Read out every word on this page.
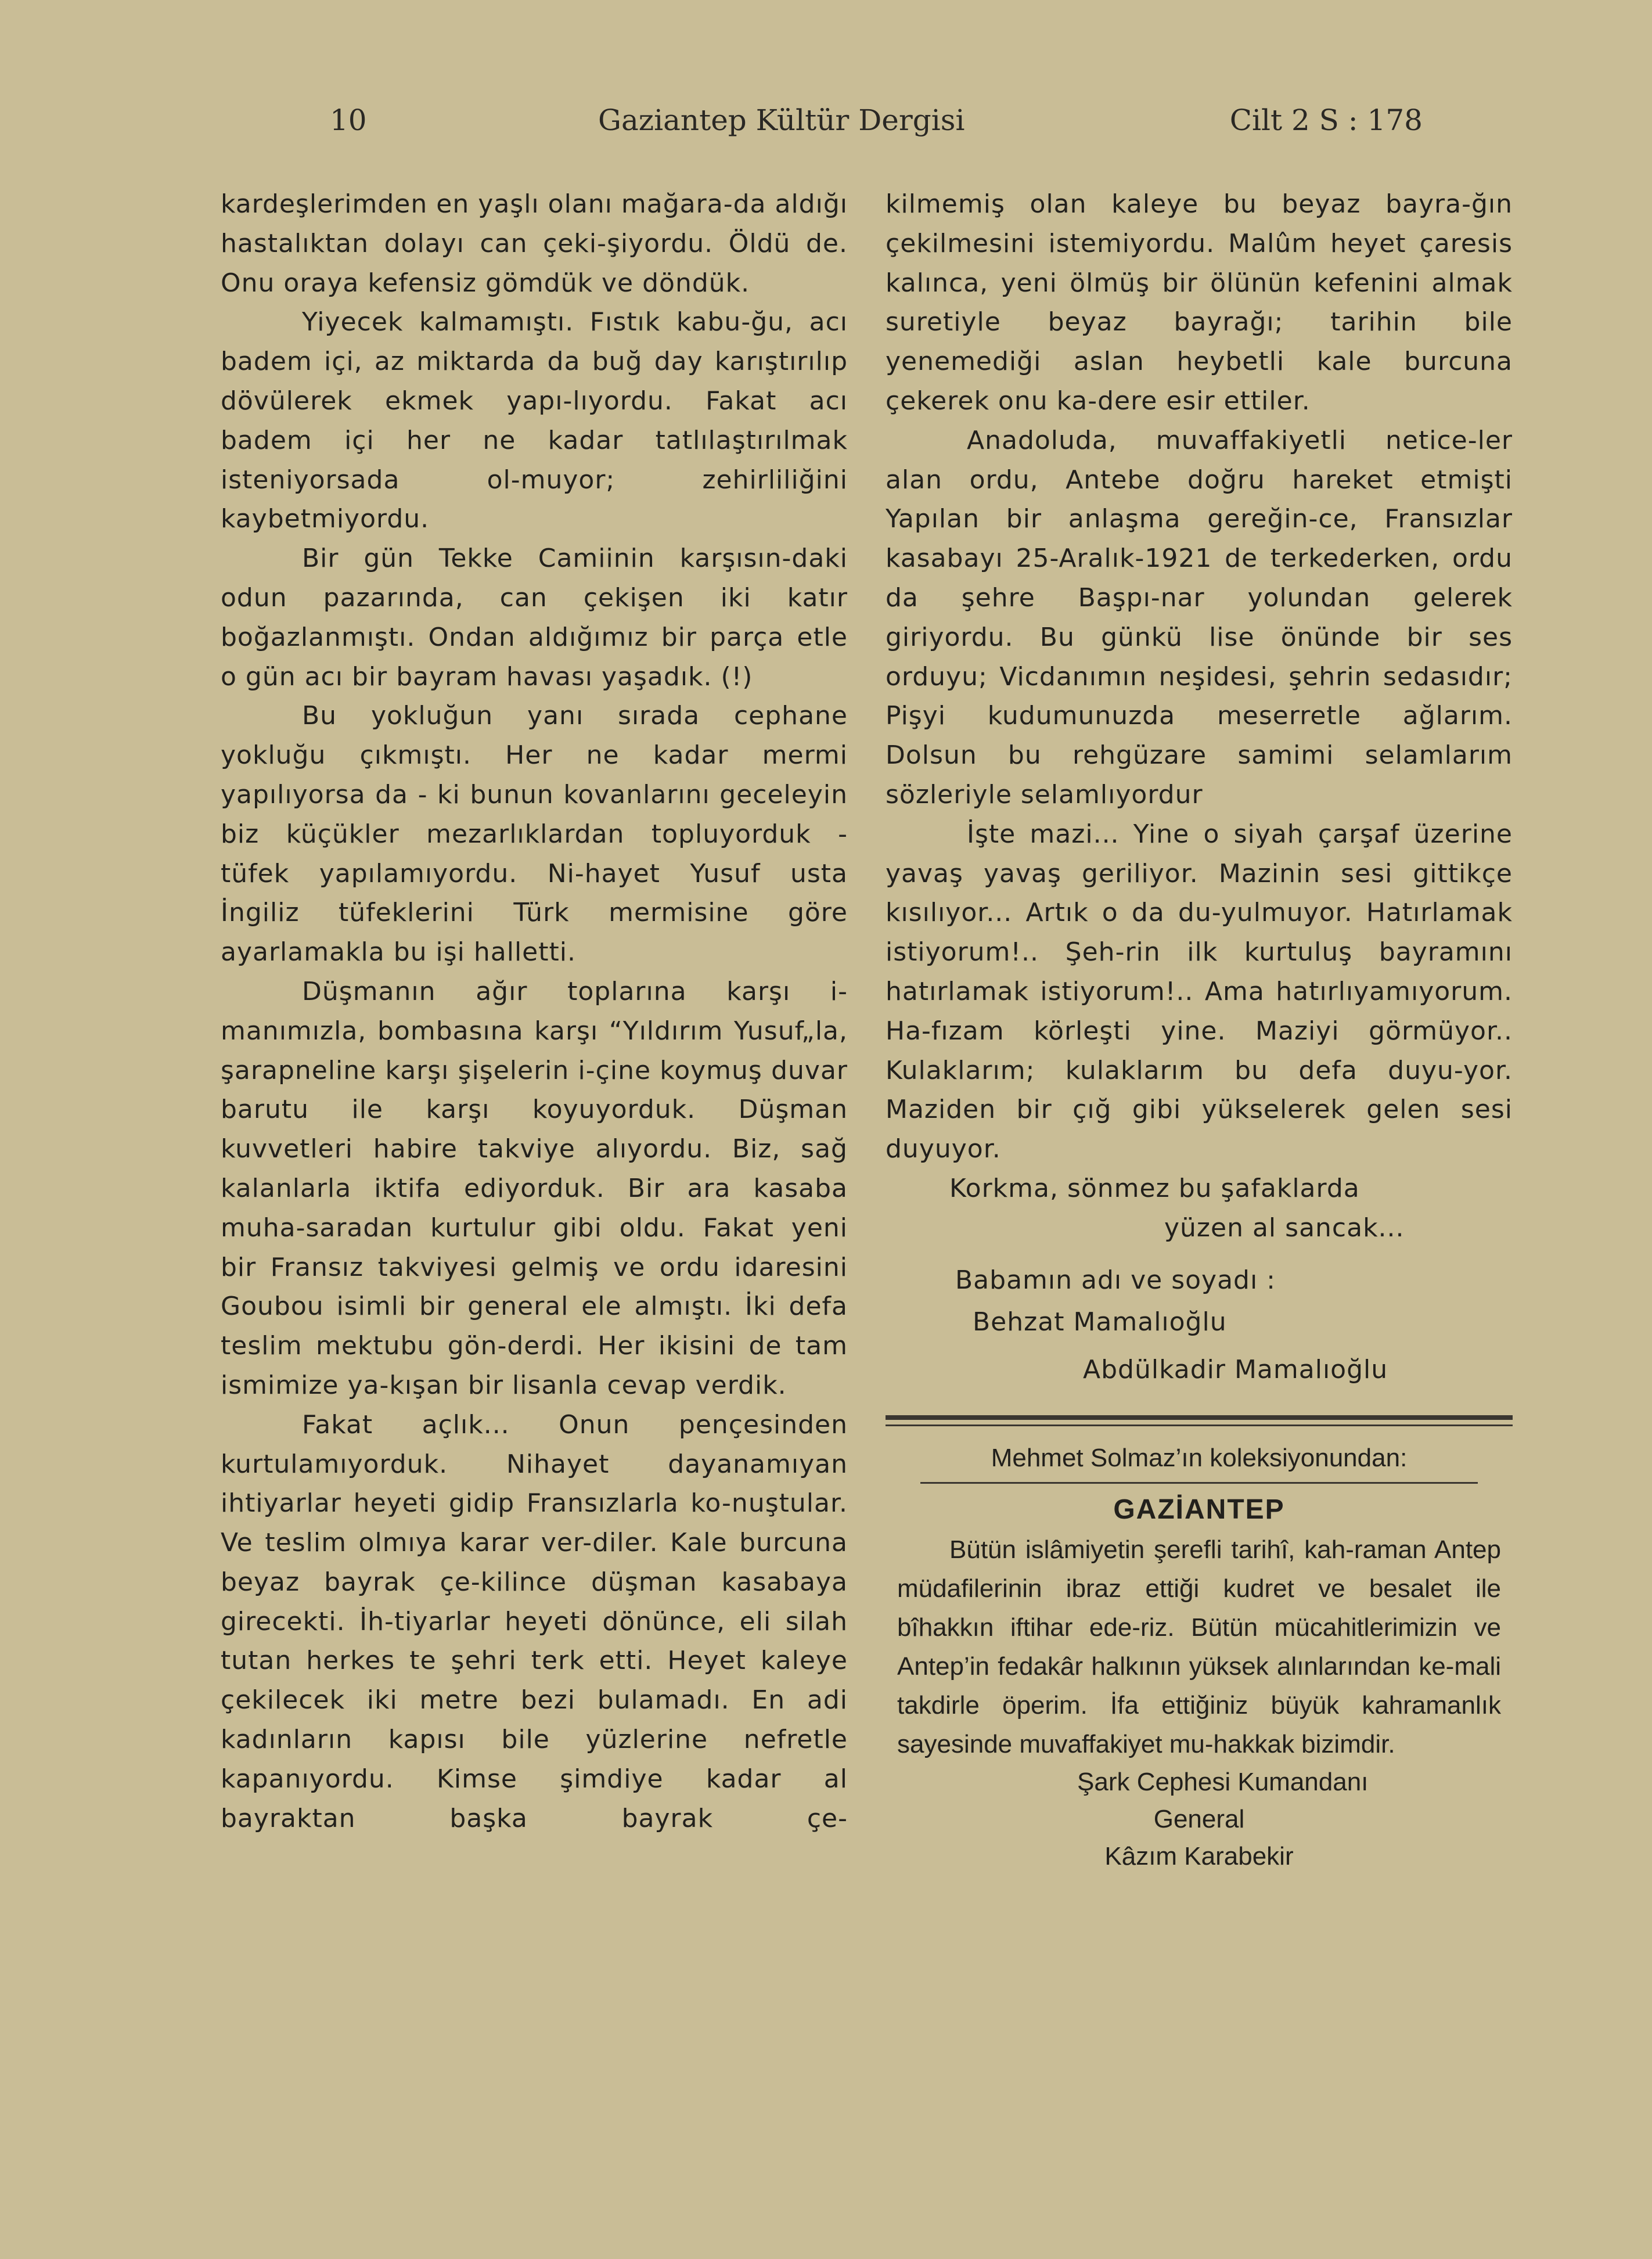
10	Gaziantep Kültür Dergisi	Cilt 2 S : 178

kardeşlerimden en yaşlı olanı mağara-da aldığı hastalıktan dolayı can çeki-şiyordu. Öldü de. Onu oraya kefensiz gömdük ve döndük.

Yiyecek kalmamıştı. Fıstık kabu-ğu, acı badem içi, az miktarda da buğ day karıştırılıp dövülerek ekmek yapı-lıyordu. Fakat acı badem içi her ne kadar tatlılaştırılmak isteniyorsada ol-muyor; zehirliliğini kaybetmiyordu.

Bir gün Tekke Camiinin karşısın-daki odun pazarında, can çekişen iki katır boğazlanmıştı. Ondan aldığımız bir parça etle o gün acı bir bayram havası yaşadık. (!)

Bu yokluğun yanı sırada cephane yokluğu çıkmıştı. Her ne kadar mermi yapılıyorsa da - ki bunun kovanlarını geceleyin biz küçükler mezarlıklardan topluyorduk - tüfek yapılamıyordu. Ni-hayet Yusuf usta İngiliz tüfeklerini Türk mermisine göre ayarlamakla bu işi halletti.

Düşmanın ağır toplarına karşı i-manımızla, bombasına karşı “Yıldırım Yusuf„la, şarapneline karşı şişelerin i-çine koymuş duvar barutu ile karşı koyuyorduk. Düşman kuvvetleri habire takviye alıyordu. Biz, sağ kalanlarla iktifa ediyorduk. Bir ara kasaba muha-saradan kurtulur gibi oldu. Fakat yeni bir Fransız takviyesi gelmiş ve ordu idaresini Goubou isimli bir general ele almıştı. İki defa teslim mektubu gön-derdi. Her ikisini de tam ismimize ya-kışan bir lisanla cevap verdik.

Fakat açlık... Onun pençesinden kurtulamıyorduk. Nihayet dayanamıyan ihtiyarlar heyeti gidip Fransızlarla ko-nuştular. Ve teslim olmıya karar ver-diler. Kale burcuna beyaz bayrak çe-kilince düşman kasabaya girecekti. İh-tiyarlar heyeti dönünce, eli silah tutan herkes te şehri terk etti. Heyet kaleye çekilecek iki metre bezi bulamadı. En adi kadınların kapısı bile yüzlerine nefretle kapanıyordu. Kimse şimdiye kadar al bayraktan başka bayrak çe-

kilmemiş olan kaleye bu beyaz bayra-ğın çekilmesini istemiyordu. Malûm heyet çaresis kalınca, yeni ölmüş bir ölünün kefenini almak suretiyle beyaz bayrağı; tarihin bile yenemediği aslan heybetli kale burcuna çekerek onu ka-dere esir ettiler.

Anadoluda, muvaffakiyetli netice-ler alan ordu, Antebe doğru hareket etmişti Yapılan bir anlaşma gereğin-ce, Fransızlar kasabayı 25-Aralık-1921 de terkederken, ordu da şehre Başpı-nar yolundan gelerek giriyordu. Bu günkü lise önünde bir ses orduyu; Vicdanımın neşidesi, şehrin sedasıdır; Pişyi kudumunuzda meserretle ağlarım. Dolsun bu rehgüzare samimi selamlarım sözleriyle selamlıyordur

İşte mazi... Yine o siyah çarşaf üzerine yavaş yavaş geriliyor. Mazinin sesi gittikçe kısılıyor... Artık o da du-yulmuyor. Hatırlamak istiyorum!.. Şeh-rin ilk kurtuluş bayramını hatırlamak istiyorum!.. Ama hatırlıyamıyorum. Ha-fızam körleşti yine. Maziyi görmüyor.. Kulaklarım; kulaklarım bu defa duyu-yor. Maziden bir çığ gibi yükselerek gelen sesi duyuyor.

Korkma, sönmez bu şafaklarda

yüzen al sancak...

Babamın adı ve soyadı :
Behzat Mamalıoğlu
Abdülkadir Mamalıoğlu
Mehmet Solmaz’ın koleksiyonundan:
GAZİANTEP

Bütün islâmiyetin şerefli tarihî, kah-raman Antep müdafilerinin ibraz ettiği kudret ve besalet ile bîhakkın iftihar ede-riz. Bütün mücahitlerimizin ve Antep’in fedakâr halkının yüksek alınlarından ke-mali takdirle öperim. İfa ettiğiniz büyük kahramanlık sayesinde muvaffakiyet mu-hakkak bizimdir.

Şark Cephesi Kumandanı
General
Kâzım Karabekir
